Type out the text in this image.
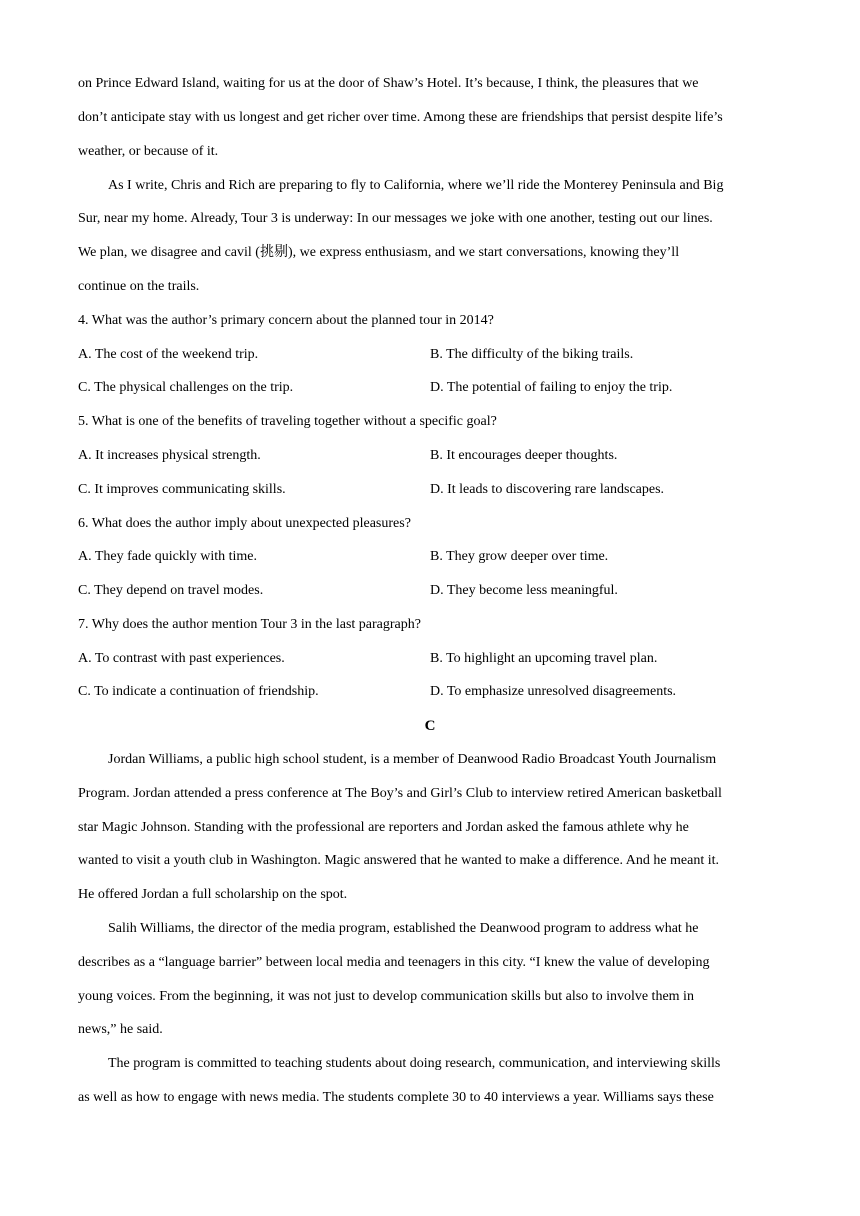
on Prince Edward Island, waiting for us at the door of Shaw’s Hotel. It’s because, I think, the pleasures that we
don’t anticipate stay with us longest and get richer over time. Among these are friendships that persist despite life’s
weather, or because of it.
As I write, Chris and Rich are preparing to fly to California, where we’ll ride the Monterey Peninsula and Big
Sur, near my home. Already, Tour 3 is underway: In our messages we joke with one another, testing out our lines.
We plan, we disagree and cavil (挑剔), we express enthusiasm, and we start conversations, knowing they’ll
continue on the trails.
4. What was the author’s primary concern about the planned tour in 2014?
A. The cost of the weekend trip.	B. The difficulty of the biking trails.
C. The physical challenges on the trip.	D. The potential of failing to enjoy the trip.
5. What is one of the benefits of traveling together without a specific goal?
A. It increases physical strength.	B. It encourages deeper thoughts.
C. It improves communicating skills.	D. It leads to discovering rare landscapes.
6. What does the author imply about unexpected pleasures?
A. They fade quickly with time.	B. They grow deeper over time.
C. They depend on travel modes.	D. They become less meaningful.
7. Why does the author mention Tour 3 in the last paragraph?
A. To contrast with past experiences.	B. To highlight an upcoming travel plan.
C. To indicate a continuation of friendship.	D. To emphasize unresolved disagreements.
C
Jordan Williams, a public high school student, is a member of Deanwood Radio Broadcast Youth Journalism
Program. Jordan attended a press conference at The Boy’s and Girl’s Club to interview retired American basketball
star Magic Johnson. Standing with the professional are reporters and Jordan asked the famous athlete why he
wanted to visit a youth club in Washington. Magic answered that he wanted to make a difference. And he meant it.
He offered Jordan a full scholarship on the spot.
Salih Williams, the director of the media program, established the Deanwood program to address what he
describes as a “language barrier” between local media and teenagers in this city. “I knew the value of developing
young voices. From the beginning, it was not just to develop communication skills but also to involve them in
news,” he said.
The program is committed to teaching students about doing research, communication, and interviewing skills
as well as how to engage with news media. The students complete 30 to 40 interviews a year. Williams says these
